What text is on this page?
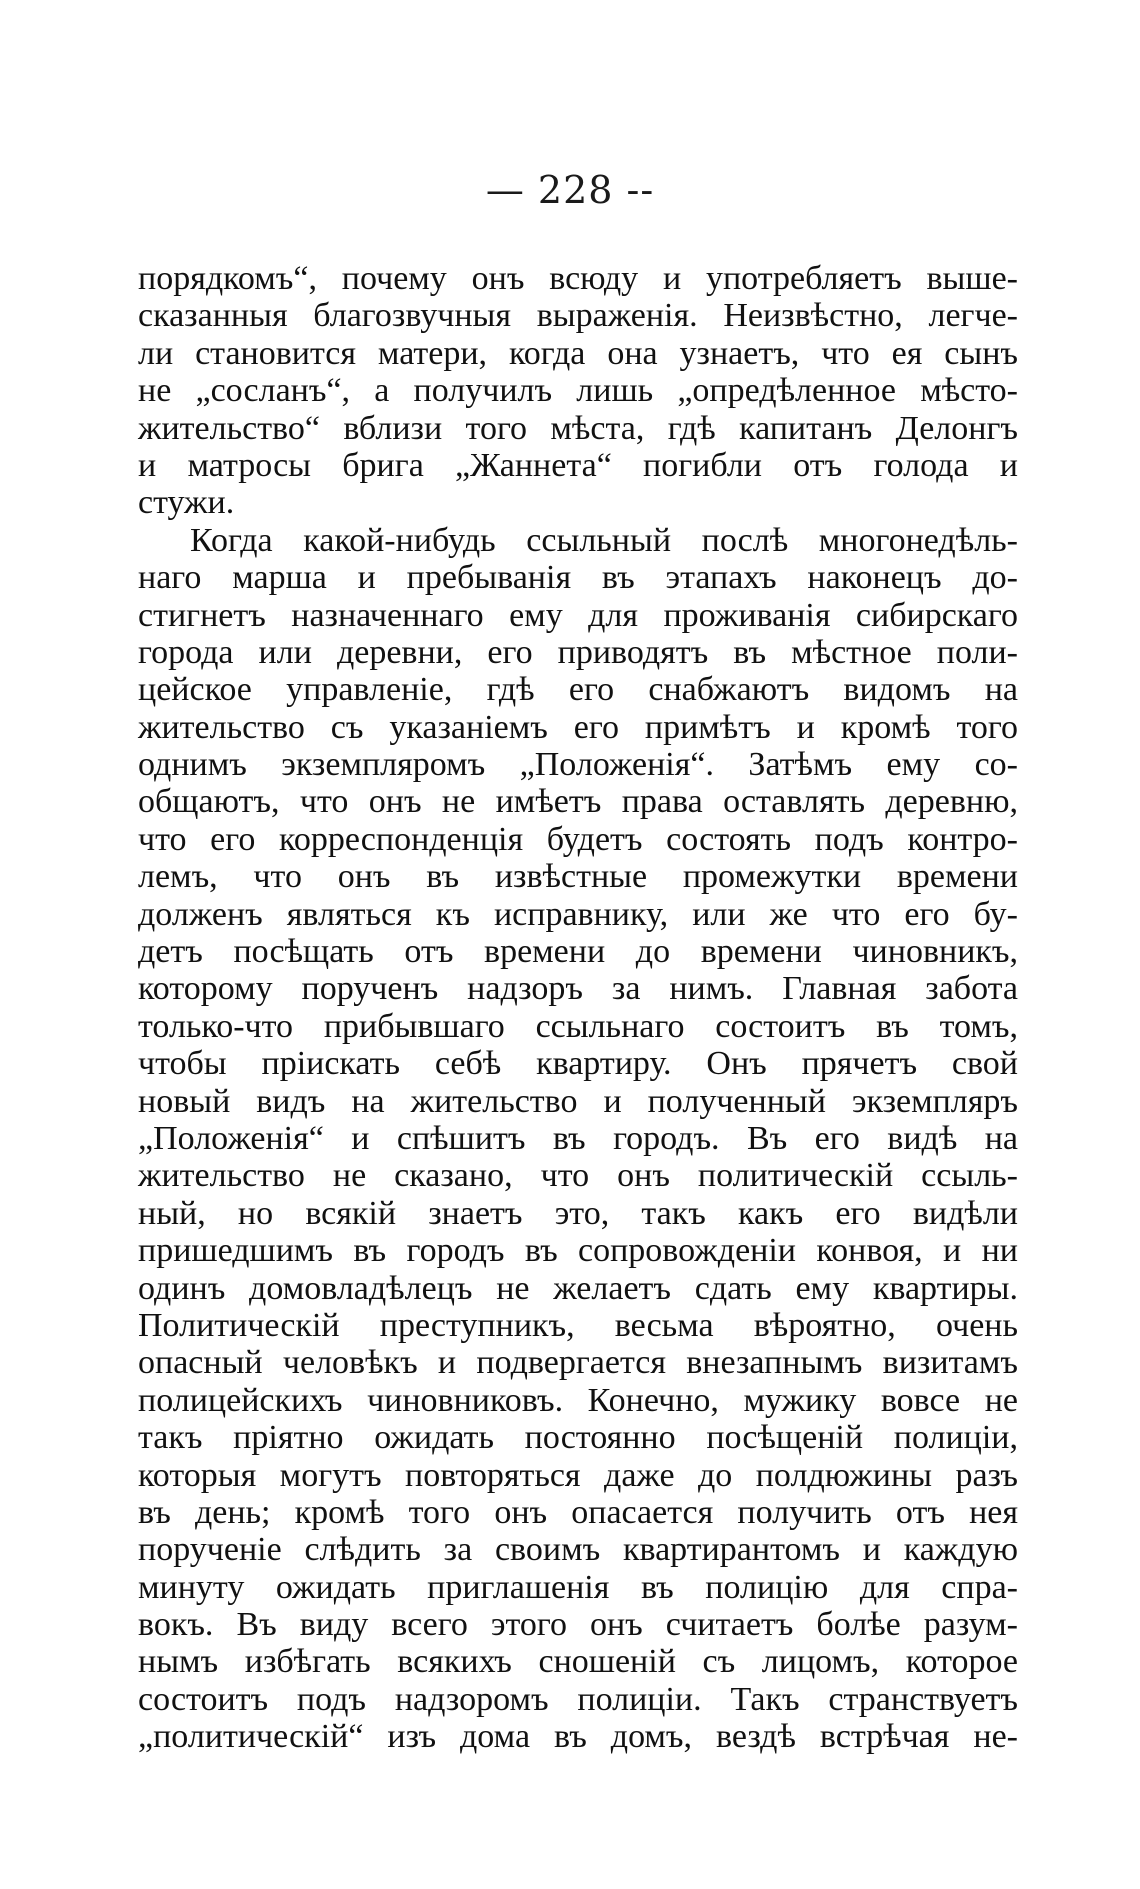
— 228 --
порядкомъ“, почему онъ всюду и употребляетъ выше-
сказанныя благозвучныя выраженія. Неизвѣстно, легче-
ли становится матери, когда она узнаетъ, что ея сынъ
не „сосланъ“, а получилъ лишь „опредѣленное мѣсто-
жительство“ вблизи того мѣста, гдѣ капитанъ Делонгъ
и матросы брига „Жаннета“ погибли отъ голода и
стужи.
Когда какой-нибудь ссыльный послѣ многонедѣль-
наго марша и пребыванія въ этапахъ наконецъ до-
стигнетъ назначеннаго ему для проживанія сибирскаго
города или деревни, его приводятъ въ мѣстное поли-
цейское управленіе, гдѣ его снабжаютъ видомъ на
жительство съ указаніемъ его примѣтъ и кромѣ того
однимъ экземпляромъ „Положенія“. Затѣмъ ему со-
общаютъ, что онъ не имѣетъ права оставлять деревню,
что его корреспонденція будетъ состоять подъ контро-
лемъ, что онъ въ извѣстные промежутки времени
долженъ являться къ исправнику, или же что его бу-
детъ посѣщать отъ времени до времени чиновникъ,
которому порученъ надзоръ за нимъ. Главная забота
только-что прибывшаго ссыльнаго состоитъ въ томъ,
чтобы пріискать себѣ квартиру. Онъ прячетъ свой
новый видъ на жительство и полученный экземпляръ
„Положенія“ и спѣшитъ въ городъ. Въ его видѣ на
жительство не сказано, что онъ политическій ссыль-
ный, но всякій знаетъ это, такъ какъ его видѣли
пришедшимъ въ городъ въ сопровожденіи конвоя, и ни
одинъ домовладѣлецъ не желаетъ сдать ему квартиры.
Политическій преступникъ, весьма вѣроятно, очень
опасный человѣкъ и подвергается внезапнымъ визитамъ
полицейскихъ чиновниковъ. Конечно, мужику вовсе не
такъ пріятно ожидать постоянно посѣщеній полиціи,
которыя могутъ повторяться даже до полдюжины разъ
въ день; кромѣ того онъ опасается получить отъ нея
порученіе слѣдить за своимъ квартирантомъ и каждую
минуту ожидать приглашенія въ полицію для спра-
вокъ. Въ виду всего этого онъ считаетъ болѣе разум-
нымъ избѣгать всякихъ сношеній съ лицомъ, которое
состоитъ подъ надзоромъ полиціи. Такъ странствуетъ
„политическій“ изъ дома въ домъ, вездѣ встрѣчая не-
